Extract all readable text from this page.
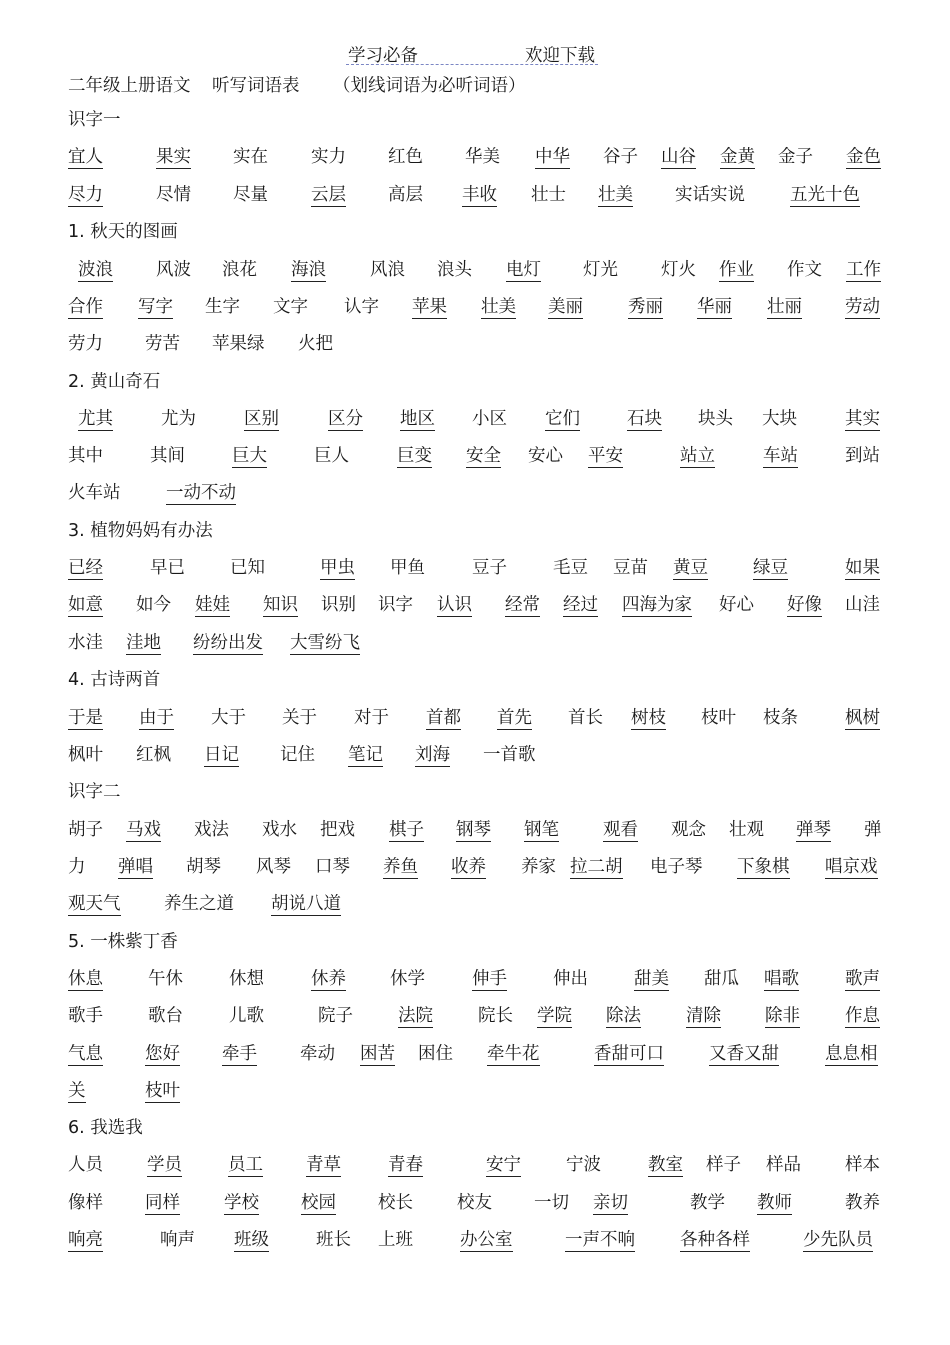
学习必备	欢迎下载
二年级上册语文 听写词语表 （划线词语为必听词语）
识字一
宜人	果实 实在 实力 红色 华美 中华 谷子 山谷 金黄 金子 金色
尽力	尽情 尽量 云层 高层 丰收 壮士 壮美 实话实说	五光十色
1. 秋天的图画
波浪 风波 浪花 海浪	风浪 浪头 电灯 灯光 灯火 作业 作文 工作
合作 写字 生字 文字 认字 苹果 壮美 美丽	秀丽 华丽 壮丽 劳动
劳力 劳苦 苹果绿 火把
2. 黄山奇石
尤其	尤为	区别	区分 地区 小区 它们	石块 块头 大块	其实
其中	其间	巨大	巨人	巨变 安全 安心 平安	站立	车站	到站
火车站	一动不动
3. 植物妈妈有办法
已经	早已	已知	甲虫 甲鱼	豆子	毛豆 豆苗 黄豆	绿豆	如果
如意 如今 娃娃 知识 识别 识字 认识 经常 经过 四海为家 好心 好像 山洼
水洼 洼地 纷纷出发 大雪纷飞
4. 古诗两首
于是 由于 大于 关于 对于 首都 首先 首长 树枝 枝叶 枝条	枫树
枫叶 红枫 日记 记住 笔记 刘海 一首歌
识字二
胡子 马戏 戏法 戏水 把戏 棋子 钢琴 钢笔	观看 观念 壮观 弹琴 弹
力 弹唱 胡琴 风琴 口琴 养鱼 收养 养家 拉二胡 电子琴 下象棋 唱京戏
观天气 养生之道 胡说八道
5. 一株紫丁香
休息	午休	休想	休养	休学	伸手	伸出	甜美 甜瓜 唱歌	歌声
歌手	歌台	儿歌	院子	法院	院长 学院 除法	清除	除非	作息
气息 您好 牵手 牵动 困苦 困住 牵牛花	香甜可口	又香又甜	息息相
关	枝叶
6. 我选我
人员	学员	员工 青草	青春	安宁	宁波	教室 样子 样品	样本
像样 同样	学校 校园 校长	校友 一切 亲切	教学 教师	教养
响亮	响声 班级	班长 上班	办公室	一声不响	各种各样	少先队员
